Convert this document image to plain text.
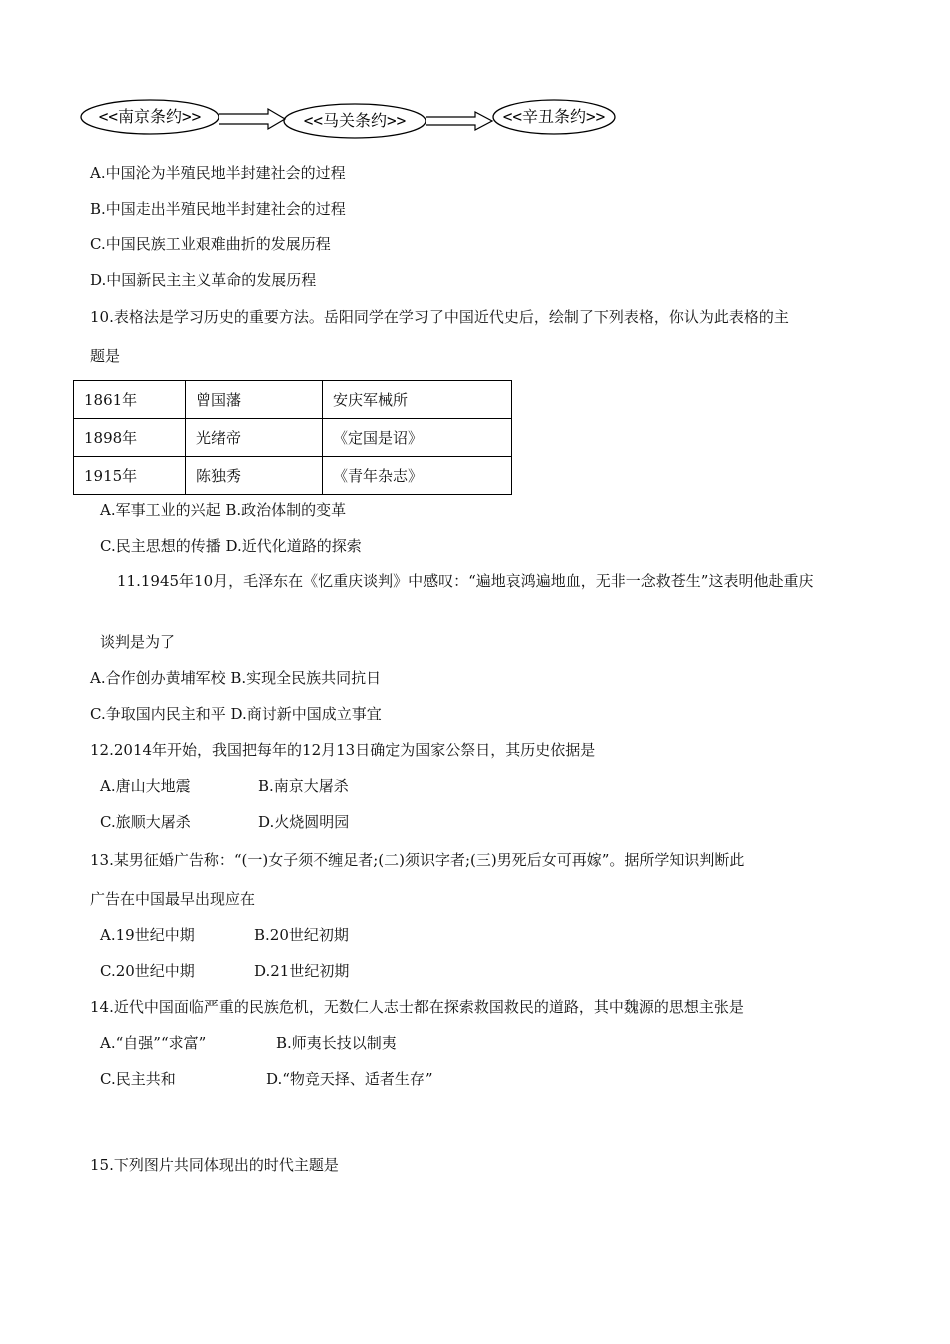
<<南京条约>>	<<马关条约>>	<<辛丑条约>>
A.中国沦为半殖民地半封建社会的过程
B.中国走出半殖民地半封建社会的过程
C.中国民族工业艰难曲折的发展历程
D.中国新民主主义革命的发展历程
10.表格法是学习历史的重要方法。岳阳同学在学习了中国近代史后，绘制了下列表格，你认为此表格的主
题是
1861年	曾国藩	安庆军械所
1898年	光绪帝	《定国是诏》
1915年	陈独秀	《青年杂志》
A.军事工业的兴起 B.政治体制的变革
C.民主思想的传播 D.近代化道路的探索
11.1945年10月，毛泽东在《忆重庆谈判》中感叹：“遍地哀鸿遍地血，无非一念救苍生”这表明他赴重庆
谈判是为了
A.合作创办黄埔军校 B.实现全民族共同抗日
C.争取国内民主和平 D.商讨新中国成立事宜
12.2014年开始，我国把每年的12月13日确定为国家公祭日，其历史依据是
A.唐山大地震	B.南京大屠杀
C.旅顺大屠杀	D.火烧圆明园
13.某男征婚广告称：“(一)女子须不缠足者;(二)须识字者;(三)男死后女可再嫁”。据所学知识判断此
广告在中国最早出现应在
A.19世纪中期	B.20世纪初期
C.20世纪中期	D.21世纪初期
14.近代中国面临严重的民族危机，无数仁人志士都在探索救国救民的道路，其中魏源的思想主张是
A.“自强”“求富”	B.师夷长技以制夷
C.民主共和	D.“物竞天择、适者生存”
15.下列图片共同体现出的时代主题是
